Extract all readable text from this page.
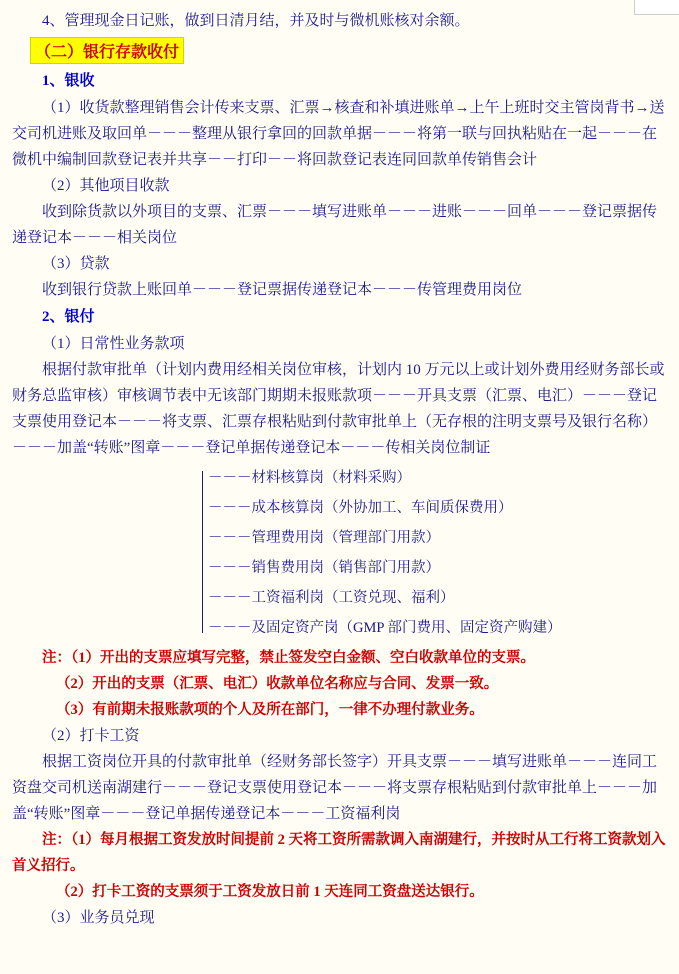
4、管理现金日记账，做到日清月结，并及时与微机账核对余额。
（二）银行存款收付
1、银收
（1）收货款整理销售会计传来支票、汇票→核查和补填进账单→上午上班时交主管岗背书→送交司机进账及取回单－－－整理从银行拿回的回款单据－－－将第一联与回执粘贴在一起－－－在微机中编制回款登记表并共享－－打印－－将回款登记表连同回款单传销售会计
（2）其他项目收款
收到除货款以外项目的支票、汇票－－－填写进账单－－－进账－－－回单－－－登记票据传递登记本－－－相关岗位
（3）贷款
收到银行贷款上账回单－－－登记票据传递登记本－－－传管理费用岗位
2、银付
（1）日常性业务款项
根据付款审批单（计划内费用经相关岗位审核，计划内 10 万元以上或计划外费用经财务部长或财务总监审核）审核调节表中无该部门期期未报账款项－－－开具支票（汇票、电汇）－－－登记支票使用登记本－－－将支票、汇票存根粘贴到付款审批单上（无存根的注明支票号及银行名称）－－－加盖“转账”图章－－－登记单据传递登记本－－－传相关岗位制证
－－－材料核算岗（材料采购）
－－－成本核算岗（外协加工、车间质保费用）
－－－管理费用岗（管理部门用款）
－－－销售费用岗（销售部门用款）
－－－工资福利岗（工资兑现、福利）
－－－及固定资产岗（GMP 部门费用、固定资产购建）
注：（1）开出的支票应填写完整，禁止签发空白金额、空白收款单位的支票。
（2）开出的支票（汇票、电汇）收款单位名称应与合同、发票一致。
（3）有前期未报账款项的个人及所在部门，一律不办理付款业务。
（2）打卡工资
根据工资岗位开具的付款审批单（经财务部长签字）开具支票－－－填写进账单－－－连同工资盘交司机送南湖建行－－－登记支票使用登记本－－－将支票存根粘贴到付款审批单上－－－加盖“转账”图章－－－登记单据传递登记本－－－工资福利岗
注：（1）每月根据工资发放时间提前 2 天将工资所需款调入南湖建行，并按时从工行将工资款划入首义招行。
（2）打卡工资的支票须于工资发放日前 1 天连同工资盘送达银行。
（3）业务员兑现
